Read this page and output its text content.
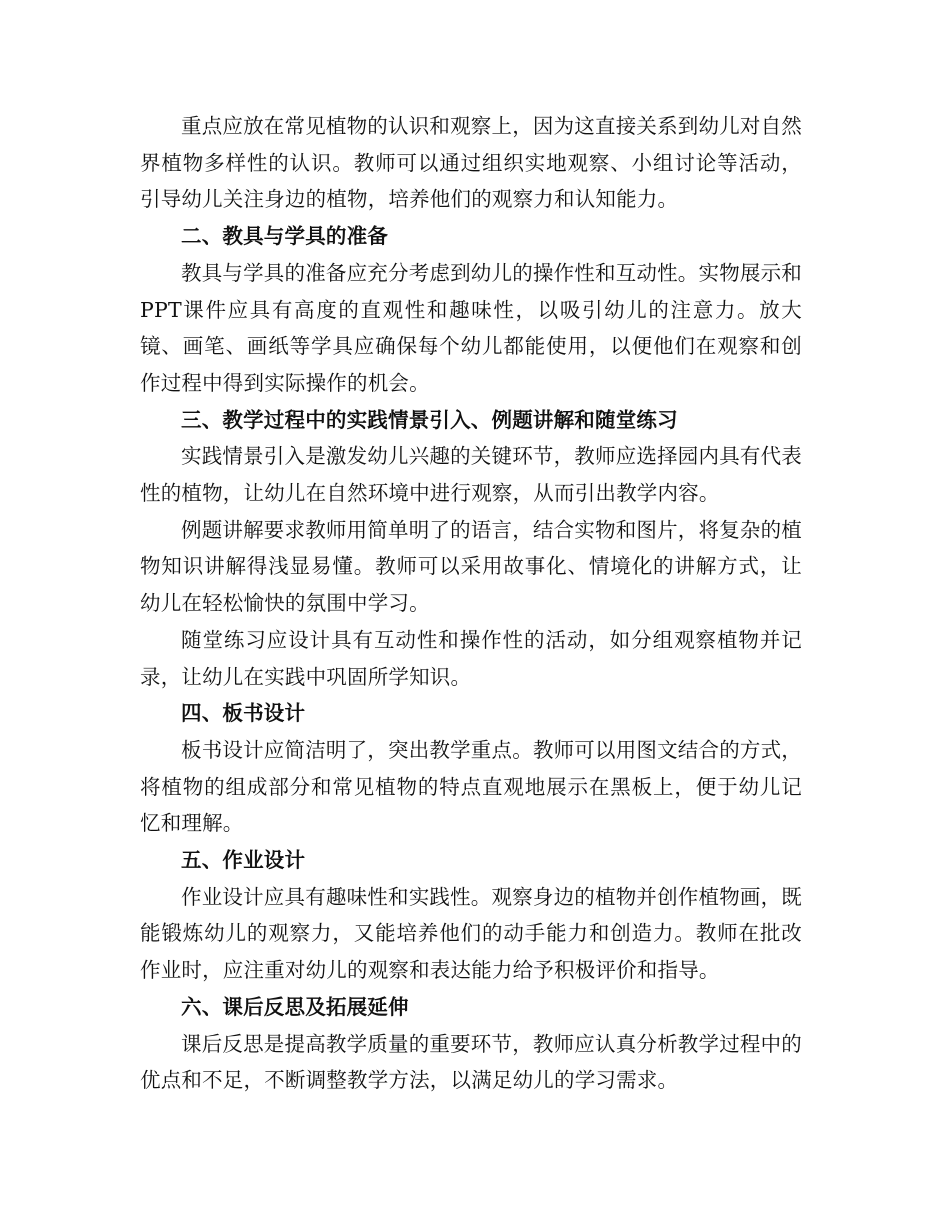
重点应放在常见植物的认识和观察上，因为这直接关系到幼儿对自然界植物多样性的认识。教师可以通过组织实地观察、小组讨论等活动，引导幼儿关注身边的植物，培养他们的观察力和认知能力。

二、教具与学具的准备

教具与学具的准备应充分考虑到幼儿的操作性和互动性。实物展示和PPT课件应具有高度的直观性和趣味性，以吸引幼儿的注意力。放大镜、画笔、画纸等学具应确保每个幼儿都能使用，以便他们在观察和创作过程中得到实际操作的机会。

三、教学过程中的实践情景引入、例题讲解和随堂练习

实践情景引入是激发幼儿兴趣的关键环节，教师应选择园内具有代表性的植物，让幼儿在自然环境中进行观察，从而引出教学内容。

例题讲解要求教师用简单明了的语言，结合实物和图片，将复杂的植物知识讲解得浅显易懂。教师可以采用故事化、情境化的讲解方式，让幼儿在轻松愉快的氛围中学习。

随堂练习应设计具有互动性和操作性的活动，如分组观察植物并记录，让幼儿在实践中巩固所学知识。

四、板书设计

板书设计应简洁明了，突出教学重点。教师可以用图文结合的方式，将植物的组成部分和常见植物的特点直观地展示在黑板上，便于幼儿记忆和理解。

五、作业设计

作业设计应具有趣味性和实践性。观察身边的植物并创作植物画，既能锻炼幼儿的观察力，又能培养他们的动手能力和创造力。教师在批改作业时，应注重对幼儿的观察和表达能力给予积极评价和指导。

六、课后反思及拓展延伸

课后反思是提高教学质量的重要环节，教师应认真分析教学过程中的优点和不足，不断调整教学方法，以满足幼儿的学习需求。
